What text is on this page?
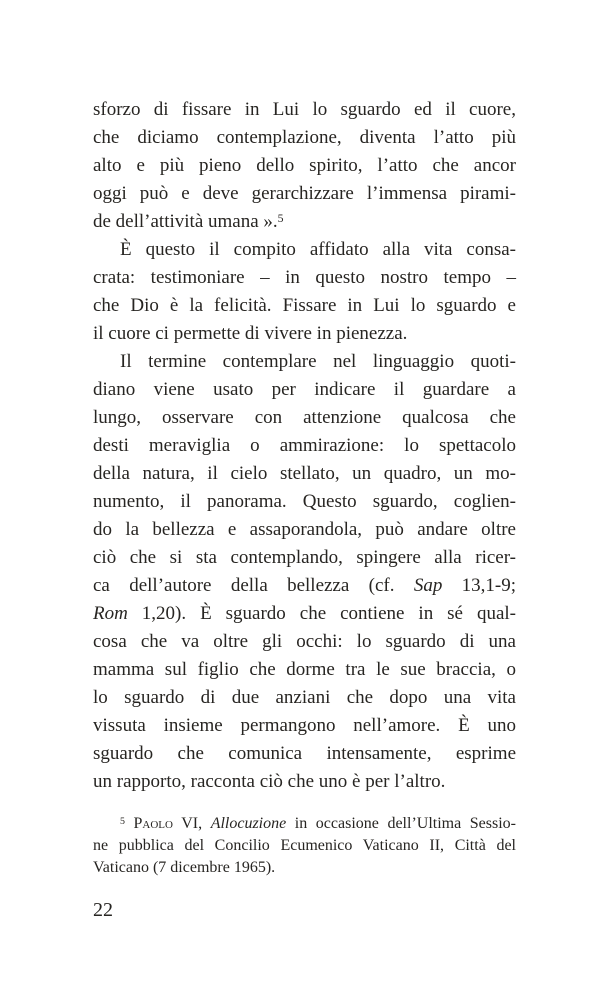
sforzo di fissare in Lui lo sguardo ed il cuore,
che diciamo contemplazione, diventa l’atto più
alto e più pieno dello spirito, l’atto che ancor
oggi può e deve gerarchizzare l’immensa pirami-
de dell’attività umana ».$^5$
È questo il compito affidato alla vita consa-
crata: testimoniare – in questo nostro tempo –
che Dio è la felicità. Fissare in Lui lo sguardo e
il cuore ci permette di vivere in pienezza.
Il termine contemplare nel linguaggio quoti-
diano viene usato per indicare il guardare a
lungo, osservare con attenzione qualcosa che
desti meraviglia o ammirazione: lo spettacolo
della natura, il cielo stellato, un quadro, un mo-
numento, il panorama. Questo sguardo, coglien-
do la bellezza e assaporandola, può andare oltre
ciò che si sta contemplando, spingere alla ricer-
ca dell’autore della bellezza (cf. Sap 13,1-9;
Rom 1,20). È sguardo che contiene in sé qual-
cosa che va oltre gli occhi: lo sguardo di una
mamma sul figlio che dorme tra le sue braccia, o
lo sguardo di due anziani che dopo una vita
vissuta insieme permangono nell’amore. È uno
sguardo che comunica intensamente, esprime
un rapporto, racconta ciò che uno è per l’altro.
$^5$ Paolo VI, Allocuzione in occasione dell’Ultima Sessio-
ne pubblica del Concilio Ecumenico Vaticano II, Città del
Vaticano (7 dicembre 1965).
22
